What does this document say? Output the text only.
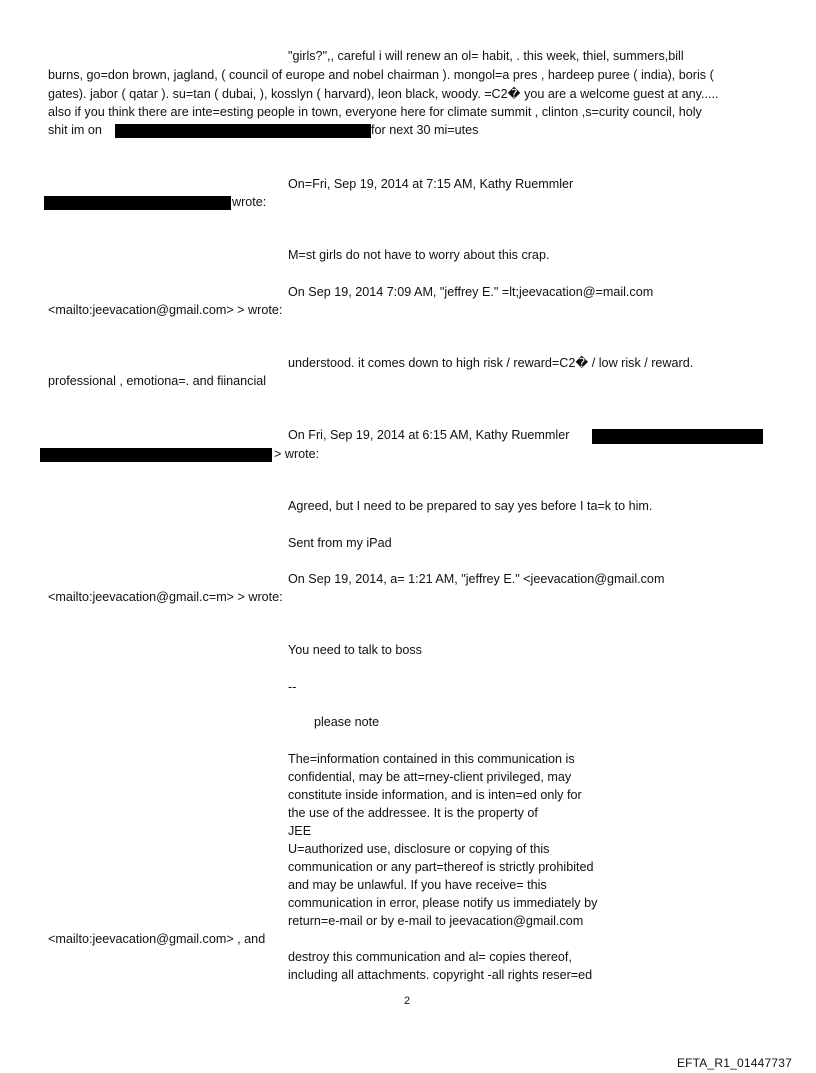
"girls?",, careful i will renew an ol= habit, . this week, thiel, summers,bill
burns, go=don brown, jagland, ( council of europe and nobel chairman ). mongol=a pres , hardeep puree ( india), boris (
gates). jabor ( qatar ). su=tan ( dubai, ), kosslyn ( harvard), leon black, woody. =C2� you are a welcome guest at any.....
also if you think there are inte=esting people in town, everyone here for climate summit , clinton ,s=curity council, holy
shit im on	for next 30 mi=utes
On=Fri, Sep 19, 2014 at 7:15 AM, Kathy Ruemmler
wrote:
M=st girls do not have to worry about this crap.
On Sep 19, 2014 7:09 AM, "jeffrey E." =lt;jeevacation@=mail.com
<mailto:jeevacation@gmail.com> > wrote:
understood. it comes down to high risk / reward=C2� / low risk / reward.
professional , emotiona=. and fiinancial
On Fri, Sep 19, 2014 at 6:15 AM, Kathy Ruemmler
> wrote:
Agreed, but I need to be prepared to say yes before I ta=k to him.
Sent from my iPad
On Sep 19, 2014, a= 1:21 AM, "jeffrey E." <jeevacation@gmail.com
<mailto:jeevacation@gmail.c=m> > wrote:
You need to talk to boss
--
please note
The=information contained in this communication is
confidential, may be att=rney-client privileged, may
constitute inside information, and is inten=ed only for
the use of the addressee. It is the property of
JEE
U=authorized use, disclosure or copying of this
communication or any part=thereof is strictly prohibited
and may be unlawful. If you have receive= this
communication in error, please notify us immediately by
return=e-mail or by e-mail to jeevacation@gmail.com
<mailto:jeevacation@gmail.com> , and
destroy this communication and al= copies thereof,
including all attachments. copyright -all rights reser=ed
2
EFTA_R1_01447737
